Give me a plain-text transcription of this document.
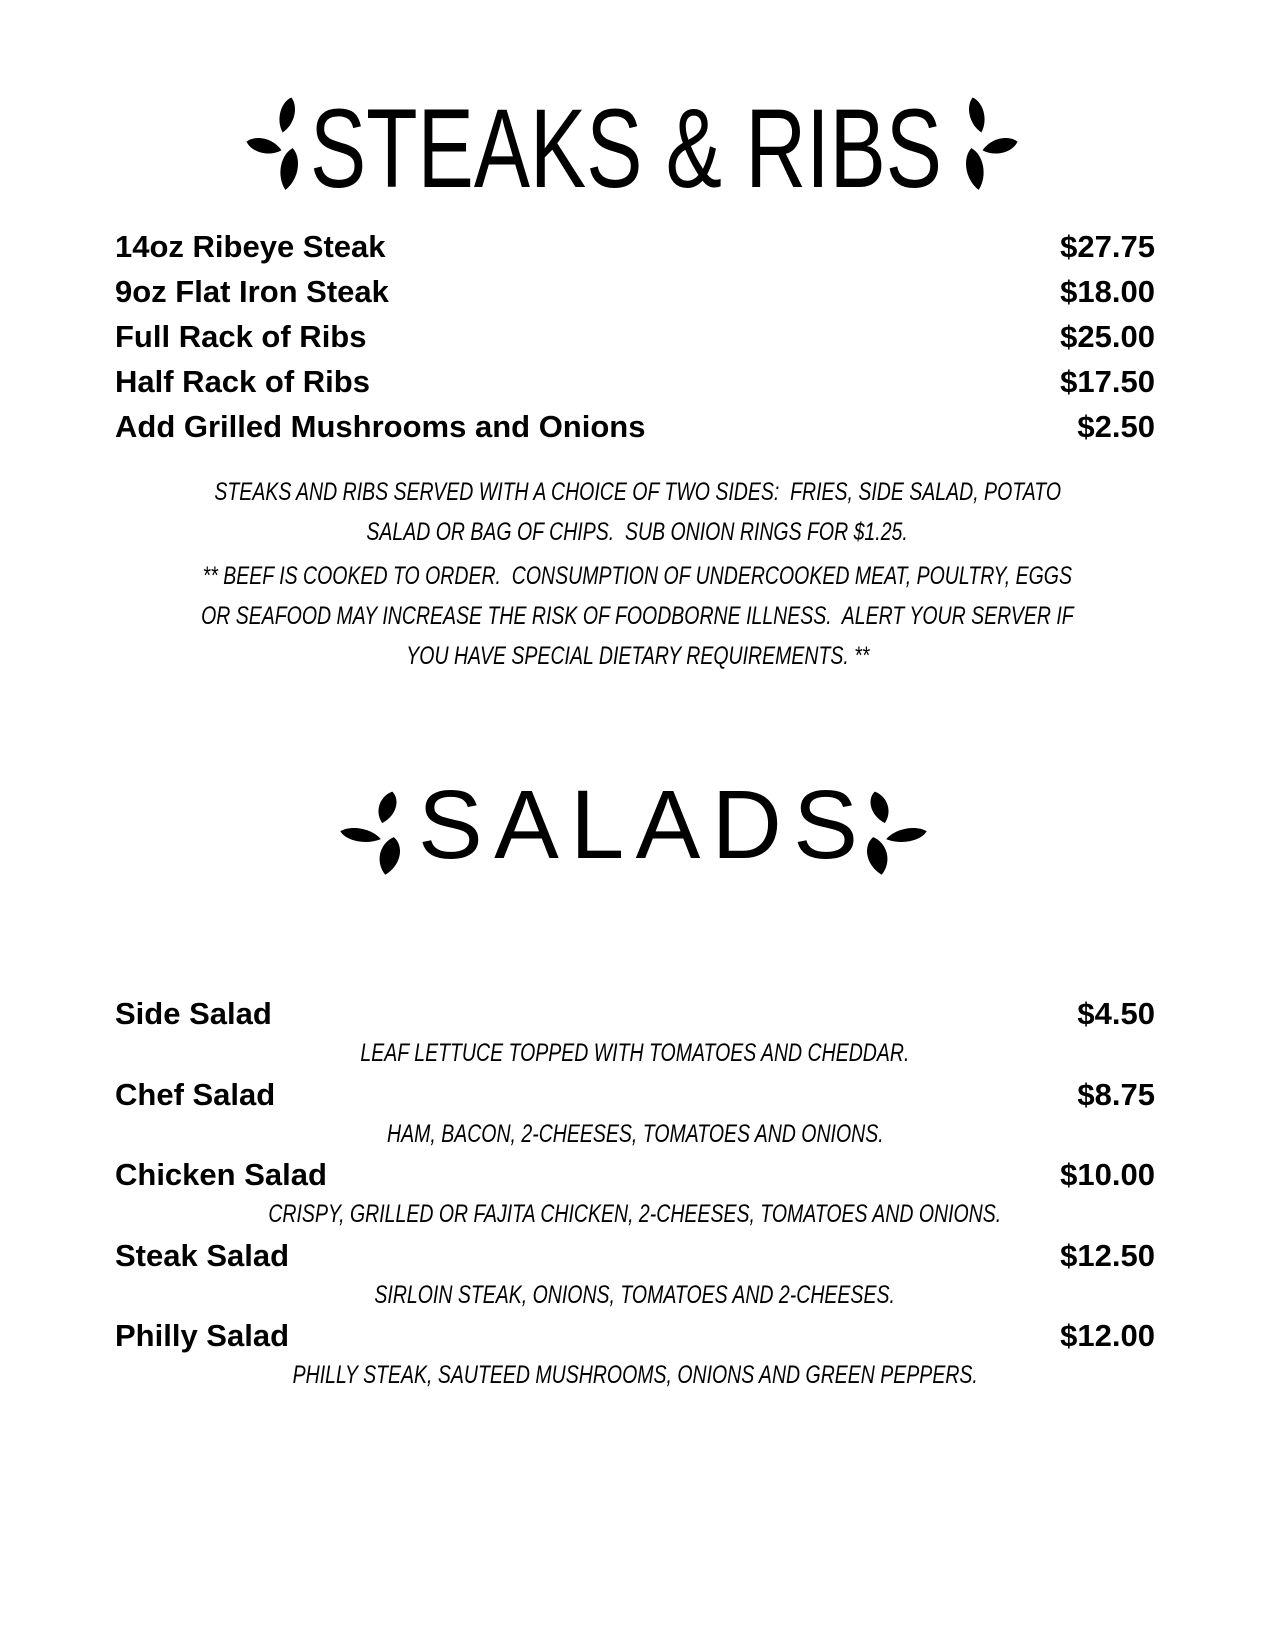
STEAKS & RIBS
14oz Ribeye Steak	$27.75
9oz Flat Iron Steak	$18.00
Full Rack of Ribs	$25.00
Half Rack of Ribs	$17.50
Add Grilled Mushrooms and Onions	$2.50
STEAKS AND RIBS SERVED WITH A CHOICE OF TWO SIDES:  FRIES, SIDE SALAD, POTATO
SALAD OR BAG OF CHIPS.  SUB ONION RINGS FOR $1.25.
** BEEF IS COOKED TO ORDER.  CONSUMPTION OF UNDERCOOKED MEAT, POULTRY, EGGS
OR SEAFOOD MAY INCREASE THE RISK OF FOODBORNE ILLNESS.  ALERT YOUR SERVER IF
YOU HAVE SPECIAL DIETARY REQUIREMENTS. **
SALADS
Side Salad	$4.50
LEAF LETTUCE TOPPED WITH TOMATOES AND CHEDDAR.
Chef Salad	$8.75
HAM, BACON, 2-CHEESES, TOMATOES AND ONIONS.
Chicken Salad	$10.00
CRISPY, GRILLED OR FAJITA CHICKEN, 2-CHEESES, TOMATOES AND ONIONS.
Steak Salad	$12.50
SIRLOIN STEAK, ONIONS, TOMATOES AND 2-CHEESES.
Philly Salad	$12.00
PHILLY STEAK, SAUTEED MUSHROOMS, ONIONS AND GREEN PEPPERS.
